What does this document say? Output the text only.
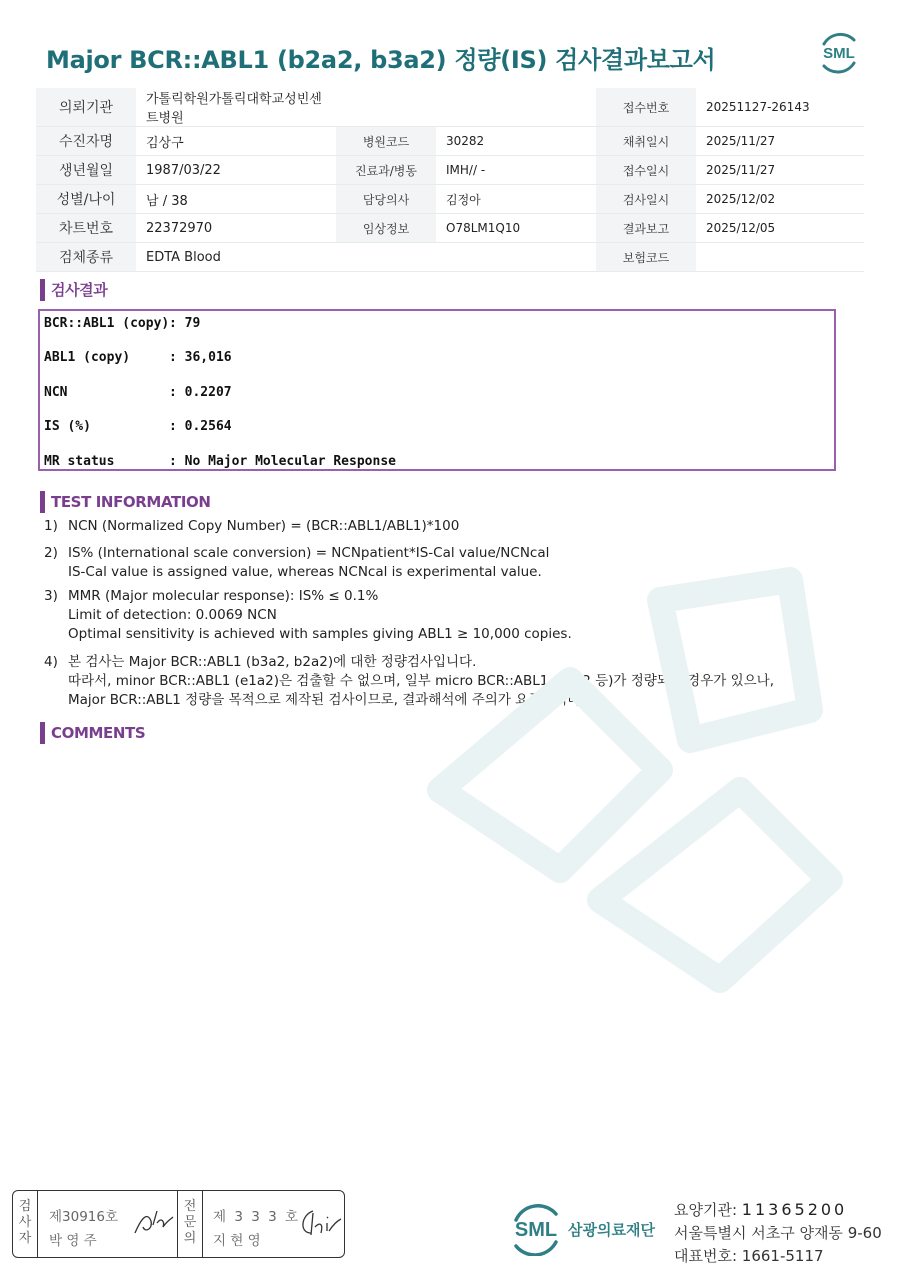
Major BCR::ABL1 (b2a2, b3a2) 정량(IS) 검사결과보고서	SML
의뢰기관	가톨릭학원가톨릭대학교성빈센트병원			접수번호	20251127-26143
수진자명	김상구	병원코드	30282	채취일시	2025/11/27
생년월일	1987/03/22	진료과/병동	IMH// -	접수일시	2025/11/27
성별/나이	남 / 38	담당의사	김정아	검사일시	2025/12/02
차트번호	22372970	임상정보	O78LM1Q10	결과보고	2025/12/05
검체종류	EDTA Blood			보험코드	
검사결과
BCR::ABL1 (copy): 79
ABL1 (copy)	: 36,016
NCN	: 0.2207
IS (%)	: 0.2564
MR status	: No Major Molecular Response
TEST INFORMATION
1) NCN (Normalized Copy Number) = (BCR::ABL1/ABL1)*100
2) IS% (International scale conversion) = NCNpatient*IS-Cal value/NCNcal
IS-Cal value is assigned value, whereas NCNcal is experimental value.
3) MMR (Major molecular response): IS% ≤ 0.1%
Limit of detection: 0.0069 NCN
Optimal sensitivity is achieved with samples giving ABL1 ≥ 10,000 copies.
4) 본 검사는 Major BCR::ABL1 (b3a2, b2a2)에 대한 정량검사입니다.
따라서, minor BCR::ABL1 (e1a2)은 검출할 수 없으며, 일부 micro BCR::ABL1 (c3a2 등)가 정량되는 경우가 있으나,
Major BCR::ABL1 정량을 목적으로 제작된 검사이므로, 결과해석에 주의가 요구됩니다.
COMMENTS
검
사
자
제30916호
박 영 주
전
문
의
제 3 3 3 호
지 현 영	SML 삼광의료재단
요양기관: 11365200
서울특별시 서초구 양재동 9-60
대표번호: 1661-5117
